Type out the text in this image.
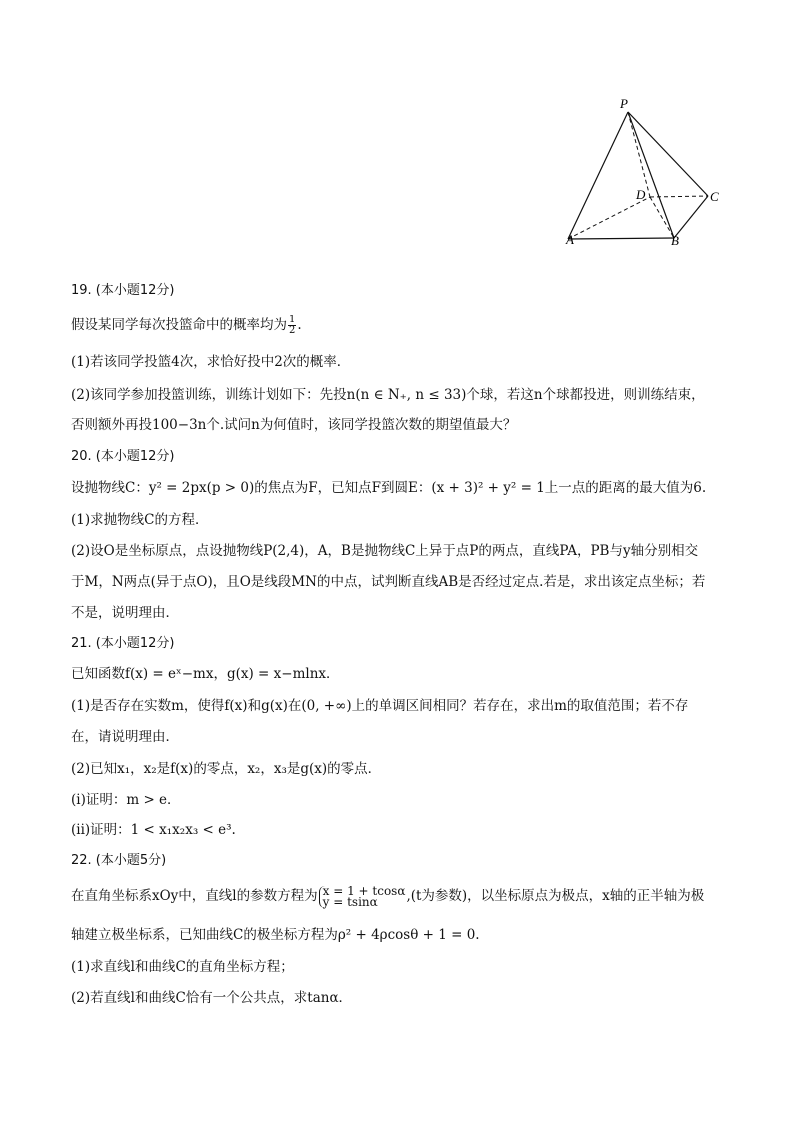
P
A	B
C
D
19. (本小题12分)
假设某同学每次投篮命中的概率均为 $\frac{1}{2}$ .
(1)若该同学投篮4次，求恰好投中2次的概率．
(2)该同学参加投篮训练，训练计划如下：先投n(n ∈ N₊, n ≤ 33)个球，若这n个球都投进，则训练结束，
否则额外再投100−3n个.试问n为何值时，该同学投篮次数的期望值最大？
20. (本小题12分)
设抛物线C：y² = 2px(p > 0)的焦点为F，已知点F到圆E：(x + 3)² + y² = 1上一点的距离的最大值为6.
(1)求抛物线C的方程．
(2)设O是坐标原点，点设抛物线P(2,4)，A，B是抛物线C上异于点P的两点，直线PA，PB与y轴分别相交
于M，N两点(异于点O)，且O是线段MN的中点，试判断直线AB是否经过定点.若是，求出该定点坐标；若
不是，说明理由．
21. (本小题12分)
已知函数f(x) = eˣ−mx，g(x) = x−mlnx．
(1)是否存在实数m，使得f(x)和g(x)在(0, +∞)上的单调区间相同？若存在，求出m的取值范围；若不存
在，请说明理由．
(2)已知x₁，x₂是f(x)的零点，x₂，x₃是g(x)的零点．
(i)证明：m > e．
(ii)证明：1 < x₁x₂x₃ < e³.
22. (本小题5分)
在直角坐标系xOy中，直线l的参数方程为 x = 1 + tcosα
y = tsinα	,(t为参数)，以坐标原点为极点，x轴的正半轴为极
轴建立极坐标系，已知曲线C的极坐标方程为ρ² + 4ρcosθ + 1 = 0.
(1)求直线l和曲线C的直角坐标方程；
(2)若直线l和曲线C恰有一个公共点，求tanα．
